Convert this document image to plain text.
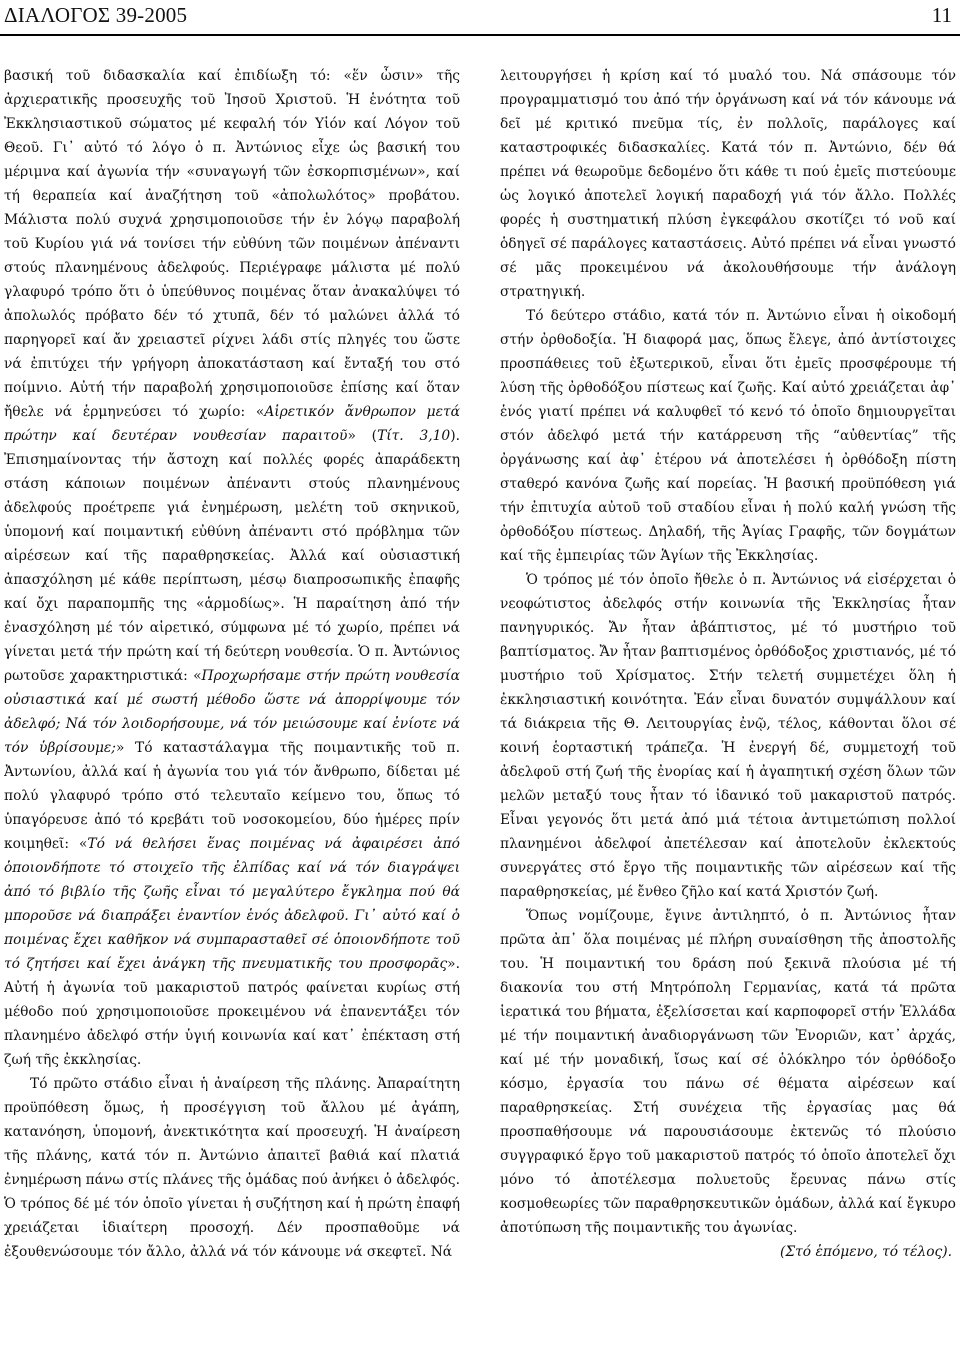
ΔΙΑΛΟΓΟΣ 39-2005	11

βασική τοῦ διδασκαλία καί ἐπιδίωξη τό: «ἕν ὦσιν» τῆς ἀρχιερατικῆς προσευχῆς τοῦ Ἰησοῦ Χριστοῦ. Ἡ ἑνότητα τοῦ Ἐκκλησιαστικοῦ σώματος μέ κεφαλή τόν Υἱόν καί Λόγον τοῦ Θεοῦ. Γι᾽ αὐτό τό λόγο ὁ π. Ἀντώνιος εἶχε ὡς βασική του μέριμνα καί ἀγωνία τήν «συναγωγή τῶν ἐσκορπισμένων», καί τή θεραπεία καί ἀναζήτηση τοῦ «ἀπολωλότος» προβάτου. Μάλιστα πολύ συχνά χρησιμοποιοῦσε τήν ἐν λόγῳ παραβολή τοῦ Κυρίου γιά νά τονίσει τήν εὐθύνη τῶν ποιμένων ἀπέναντι στούς πλανημένους ἀδελφούς. Περιέγραφε μάλιστα μέ πολύ γλαφυρό τρόπο ὅτι ὁ ὑπεύθυνος ποιμένας ὅταν ἀνακαλύψει τό ἀπολωλός πρόβατο δέν τό χτυπᾶ, δέν τό μαλώνει ἀλλά τό παρηγορεῖ καί ἄν χρειαστεῖ ρίχνει λάδι στίς πληγές του ὥστε νά ἐπιτύχει τήν γρήγορη ἀποκατάσταση καί ἔνταξή του στό ποίμνιο. Αὐτή τήν παραβολή χρησιμοποιοῦσε ἐπίσης καί ὅταν ἤθελε νά ἑρμηνεύσει τό χωρίο: «Αἱρετικόν ἄνθρωπον μετά πρώτην καί δευτέραν νουθεσίαν παραιτοῦ» (Τίτ. 3,10). Ἐπισημαίνοντας τήν ἄστοχη καί πολλές φορές ἀπαράδεκτη στάση κάποιων ποιμένων ἀπέναντι στούς πλανημένους ἀδελφούς προέτρεπε γιά ἐνημέρωση, μελέτη τοῦ σκηνικοῦ, ὑπομονή καί ποιμαντική εὐθύνη ἀπέναντι στό πρόβλημα τῶν αἱρέσεων καί τῆς παραθρησκείας. Ἀλλά καί οὐσιαστική ἀπασχόληση μέ κάθε περίπτωση, μέσῳ διαπροσωπικῆς ἐπαφῆς καί ὄχι παραπομπῆς της «ἁρμοδίως». Ἡ παραίτηση ἀπό τήν ἐνασχόληση μέ τόν αἱρετικό, σύμφωνα μέ τό χωρίο, πρέπει νά γίνεται μετά τήν πρώτη καί τή δεύτερη νουθεσία. Ὁ π. Ἀντώνιος ρωτοῦσε χαρακτηριστικά: «Προχωρήσαμε στήν πρώτη νουθεσία οὐσιαστικά καί μέ σωστή μέθοδο ὥστε νά ἀπορρίψουμε τόν ἀδελφό; Νά τόν λοιδορήσουμε, νά τόν μειώσουμε καί ἐνίοτε νά τόν ὑβρίσουμε;» Τό καταστάλαγμα τῆς ποιμαντικῆς τοῦ π. Ἀντωνίου, ἀλλά καί ἡ ἀγωνία του γιά τόν ἄνθρωπο, δίδεται μέ πολύ γλαφυρό τρόπο στό τελευταῖο κείμενο του, ὅπως τό ὑπαγόρευσε ἀπό τό κρεβάτι τοῦ νοσοκομείου, δύο ἡμέρες πρίν κοιμηθεῖ: «Τό νά θελήσει ἕνας ποιμένας νά ἀφαιρέσει ἀπό ὁποιονδήποτε τό στοιχεῖο τῆς ἐλπίδας καί νά τόν διαγράψει ἀπό τό βιβλίο τῆς ζωῆς εἶναι τό μεγαλύτερο ἔγκλημα πού θά μποροῦσε νά διαπράξει ἐναντίον ἑνός ἀδελφοῦ. Γι᾽ αὐτό καί ὁ ποιμένας ἔχει καθῆκον νά συμπαρασταθεῖ σέ ὁποιονδήποτε τοῦ τό ζητήσει καί ἔχει ἀνάγκη τῆς πνευματικῆς του προσφορᾶς». Αὐτή ἡ ἀγωνία τοῦ μακαριστοῦ πατρός φαίνεται κυρίως στή μέθοδο πού χρησιμοποιοῦσε προκειμένου νά ἐπανεντάξει τόν πλανημένο ἀδελφό στήν ὑγιή κοινωνία καί κατ᾽ ἐπέκταση στή ζωή τῆς ἐκκλησίας.

Τό πρῶτο στάδιο εἶναι ἡ ἀναίρεση τῆς πλάνης. Ἀπαραίτητη προϋπόθεση ὅμως, ἡ προσέγγιση τοῦ ἄλλου μέ ἀγάπη, κατανόηση, ὑπομονή, ἀνεκτικότητα καί προσευχή. Ἡ ἀναίρεση τῆς πλάνης, κατά τόν π. Ἀντώνιο ἀπαιτεῖ βαθιά καί πλατιά ἐνημέρωση πάνω στίς πλάνες τῆς ὁμάδας πού ἀνήκει ὁ ἀδελφός. Ὁ τρόπος δέ μέ τόν ὁποῖο γίνεται ἡ συζήτηση καί ἡ πρώτη ἐπαφή χρειάζεται ἰδιαίτερη προσοχή. Δέν προσπαθοῦμε νά ἐξουθενώσουμε τόν ἄλλο, ἀλλά νά τόν κάνουμε νά σκεφτεῖ. Νά

λειτουργήσει ἡ κρίση καί τό μυαλό του. Νά σπάσουμε τόν προγραμματισμό του ἀπό τήν ὀργάνωση καί νά τόν κάνουμε νά δεῖ μέ κριτικό πνεῦμα τίς, ἐν πολλοῖς, παράλογες καί καταστροφικές διδασκαλίες. Κατά τόν π. Ἀντώνιο, δέν θά πρέπει νά θεωροῦμε δεδομένο ὅτι κάθε τι πού ἐμεῖς πιστεύουμε ὡς λογικό ἀποτελεῖ λογική παραδοχή γιά τόν ἄλλο. Πολλές φορές ἡ συστηματική πλύση ἐγκεφάλου σκοτίζει τό νοῦ καί ὁδηγεῖ σέ παράλογες καταστάσεις. Αὐτό πρέπει νά εἶναι γνωστό σέ μᾶς προκειμένου νά ἀκολουθήσουμε τήν ἀνάλογη στρατηγική.

Τό δεύτερο στάδιο, κατά τόν π. Ἀντώνιο εἶναι ἡ οἰκοδομή στήν ὀρθοδοξία. Ἡ διαφορά μας, ὅπως ἔλεγε, ἀπό ἀντίστοιχες προσπάθειες τοῦ ἐξωτερικοῦ, εἶναι ὅτι ἐμεῖς προσφέρουμε τή λύση τῆς ὀρθοδόξου πίστεως καί ζωῆς. Καί αὐτό χρειάζεται ἀφ᾽ ἑνός γιατί πρέπει νά καλυφθεῖ τό κενό τό ὁποῖο δημιουργεῖται στόν ἀδελφό μετά τήν κατάρρευση τῆς “αὐθεντίας” τῆς ὀργάνωσης καί ἀφ᾽ ἑτέρου νά ἀποτελέσει ἡ ὀρθόδοξη πίστη σταθερό κανόνα ζωῆς καί πορείας. Ἡ βασική προϋπόθεση γιά τήν ἐπιτυχία αὐτοῦ τοῦ σταδίου εἶναι ἡ πολύ καλή γνώση τῆς ὀρθοδόξου πίστεως. Δηλαδή, τῆς Ἁγίας Γραφῆς, τῶν δογμάτων καί τῆς ἐμπειρίας τῶν Ἁγίων τῆς Ἐκκλησίας.

Ὁ τρόπος μέ τόν ὁποῖο ἤθελε ὁ π. Ἀντώνιος νά εἰσέρχεται ὁ νεοφώτιστος ἀδελφός στήν κοινωνία τῆς Ἐκκλησίας ἦταν πανηγυρικός. Ἄν ἦταν ἀβάπτιστος, μέ τό μυστήριο τοῦ βαπτίσματος. Ἄν ἦταν βαπτισμένος ὀρθόδοξος χριστιανός, μέ τό μυστήριο τοῦ Χρίσματος. Στήν τελετή συμμετέχει ὅλη ἡ ἐκκλησιαστική κοινότητα. Ἐάν εἶναι δυνατόν συμψάλλουν καί τά διάκρεια τῆς Θ. Λειτουργίας ἐνῷ, τέλος, κάθονται ὅλοι σέ κοινή ἑορταστική τράπεζα. Ἡ ἐνεργή δέ, συμμετοχή τοῦ ἀδελφοῦ στή ζωή τῆς ἐνορίας καί ἡ ἀγαπητική σχέση ὅλων τῶν μελῶν μεταξύ τους ἦταν τό ἰδανικό τοῦ μακαριστοῦ πατρός. Εἶναι γεγονός ὅτι μετά ἀπό μιά τέτοια ἀντιμετώπιση πολλοί πλανημένοι ἀδελφοί ἀπετέλεσαν καί ἀποτελοῦν ἐκλεκτούς συνεργάτες στό ἔργο τῆς ποιμαντικῆς τῶν αἱρέσεων καί τῆς παραθρησκείας, μέ ἔνθεο ζῆλο καί κατά Χριστόν ζωή.

Ὅπως νομίζουμε, ἔγινε ἀντιληπτό, ὁ π. Ἀντώνιος ἦταν πρῶτα ἀπ᾽ ὅλα ποιμένας μέ πλήρη συναίσθηση τῆς ἀποστολῆς του. Ἡ ποιμαντική του δράση πού ξεκινᾶ πλούσια μέ τή διακονία του στή Μητρόπολη Γερμανίας, κατά τά πρῶτα ἱερατικά του βήματα, ἐξελίσσεται καί καρποφορεῖ στήν Ἑλλάδα μέ τήν ποιμαντική ἀναδιοργάνωση τῶν Ἐνοριῶν, κατ᾽ ἀρχάς, καί μέ τήν μοναδική, ἴσως καί σέ ὁλόκληρο τόν ὀρθόδοξο κόσμο, ἐργασία του πάνω σέ θέματα αἱρέσεων καί παραθρησκείας. Στή συνέχεια τῆς ἐργασίας μας θά προσπαθήσουμε νά παρουσιάσουμε ἐκτενῶς τό πλούσιο συγγραφικό ἔργο τοῦ μακαριστοῦ πατρός τό ὁποῖο ἀποτελεῖ ὄχι μόνο τό ἀποτέλεσμα πολυετοῦς ἔρευνας πάνω στίς κοσμοθεωρίες τῶν παραθρησκευτικῶν ὁμάδων, ἀλλά καί ἔγκυρο ἀποτύπωση τῆς ποιμαντικῆς του ἀγωνίας.

(Στό ἑπόμενο, τό τέλος).
